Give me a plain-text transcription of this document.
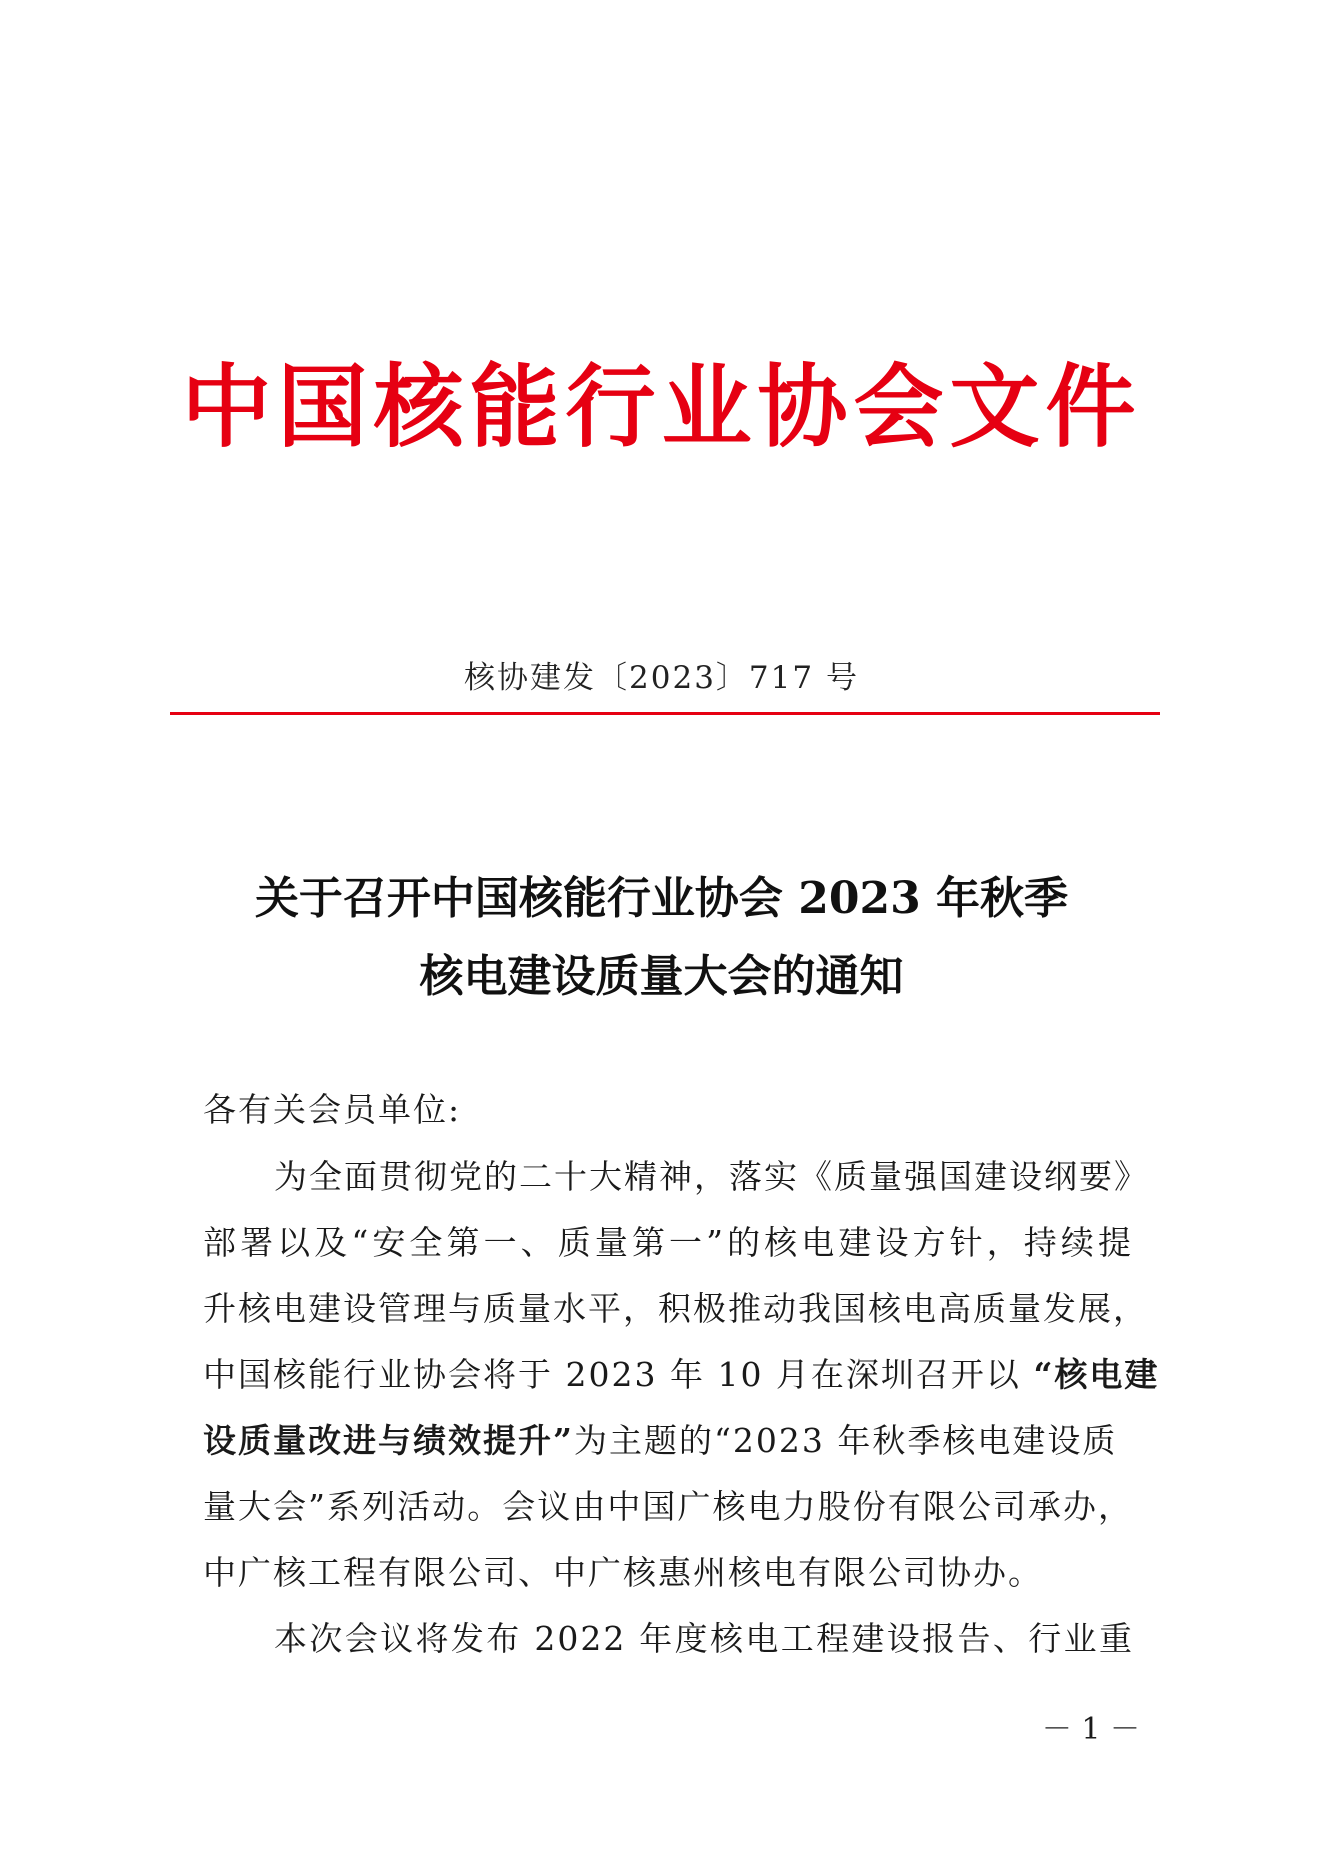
中国核能行业协会文件
核协建发〔2023〕717 号
关于召开中国核能行业协会 2023 年秋季
核电建设质量大会的通知
各有关会员单位:
为全面贯彻党的二十大精神，落实《质量强国建设纲要》
部署以及“安全第一、质量第一”的核电建设方针，持续提
升核电建设管理与质量水平，积极推动我国核电高质量发展，
中国核能行业协会将于 2023 年 10 月在深圳召开以 “核电建
设质量改进与绩效提升”为主题的“2023 年秋季核电建设质
量大会”系列活动。会议由中国广核电力股份有限公司承办，
中广核工程有限公司、中广核惠州核电有限公司协办。
本次会议将发布 2022 年度核电工程建设报告、行业重
－ 1 －
